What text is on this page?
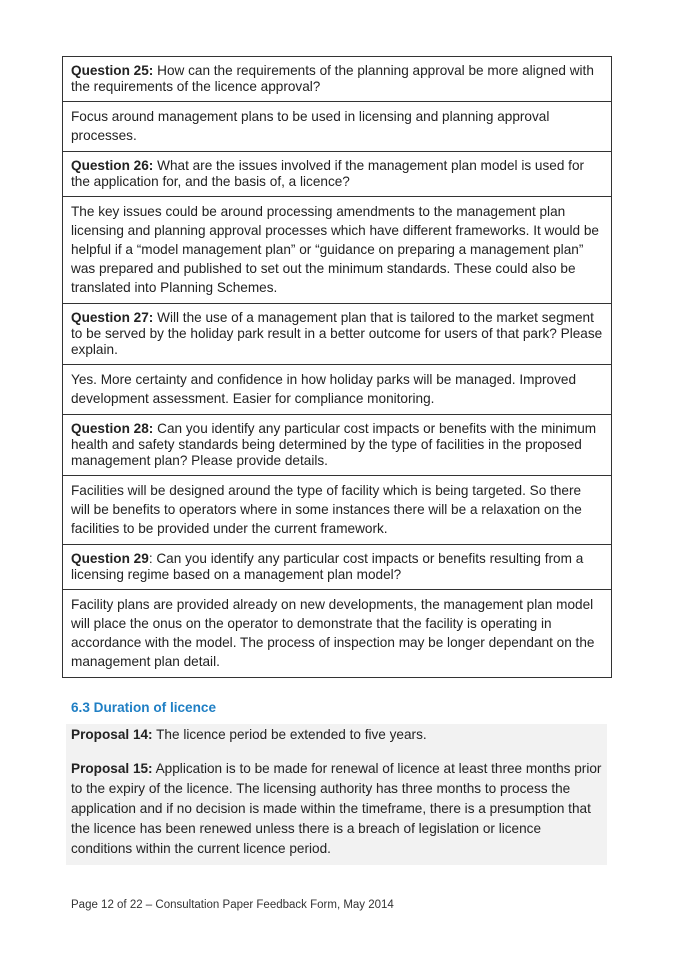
Question 25: How can the requirements of the planning approval be more aligned with the requirements of the licence approval?
Focus around management plans to be used in licensing and planning approval processes.
Question 26: What are the issues involved if the management plan model is used for the application for, and the basis of, a licence?
The key issues could be around processing amendments to the management plan licensing and planning approval processes which have different frameworks. It would be helpful if a “model management plan” or “guidance on preparing a management plan” was prepared and published to set out the minimum standards. These could also be translated into Planning Schemes.
Question 27: Will the use of a management plan that is tailored to the market segment to be served by the holiday park result in a better outcome for users of that park? Please explain.
Yes. More certainty and confidence in how holiday parks will be managed. Improved development assessment. Easier for compliance monitoring.
Question 28: Can you identify any particular cost impacts or benefits with the minimum health and safety standards being determined by the type of facilities in the proposed management plan? Please provide details.
Facilities will be designed around the type of facility which is being targeted. So there will be benefits to operators where in some instances there will be a relaxation on the facilities to be provided under the current framework.
Question 29: Can you identify any particular cost impacts or benefits resulting from a licensing regime based on a management plan model?
Facility plans are provided already on new developments, the management plan model will place the onus on the operator to demonstrate that the facility is operating in accordance with the model. The process of inspection may be longer dependant on the management plan detail.
6.3 Duration of licence

Proposal 14: The licence period be extended to five years.

Proposal 15: Application is to be made for renewal of licence at least three months prior to the expiry of the licence. The licensing authority has three months to process the application and if no decision is made within the timeframe, there is a presumption that the licence has been renewed unless there is a breach of legislation or licence conditions within the current licence period.

Page 12 of 22 – Consultation Paper Feedback Form, May 2014
